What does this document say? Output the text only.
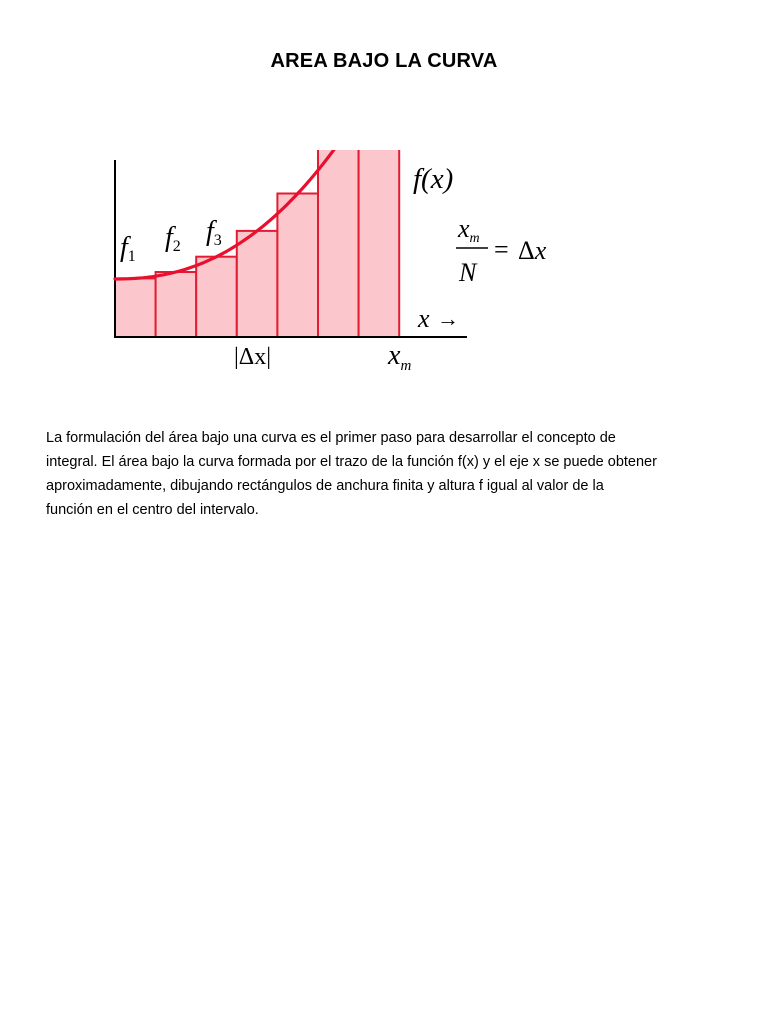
AREA BAJO LA CURVA
f(x)
f1
f2 f3	xm
N
= Δx
x →
|Δx|	$x_m$

La formulación del área bajo una curva es el primer paso para desarrollar el concepto de
integral. El área bajo la curva formada por el trazo de la función f(x) y el eje x se puede obtener
aproximadamente, dibujando rectángulos de anchura finita y altura f igual al valor de la
función en el centro del intervalo.
